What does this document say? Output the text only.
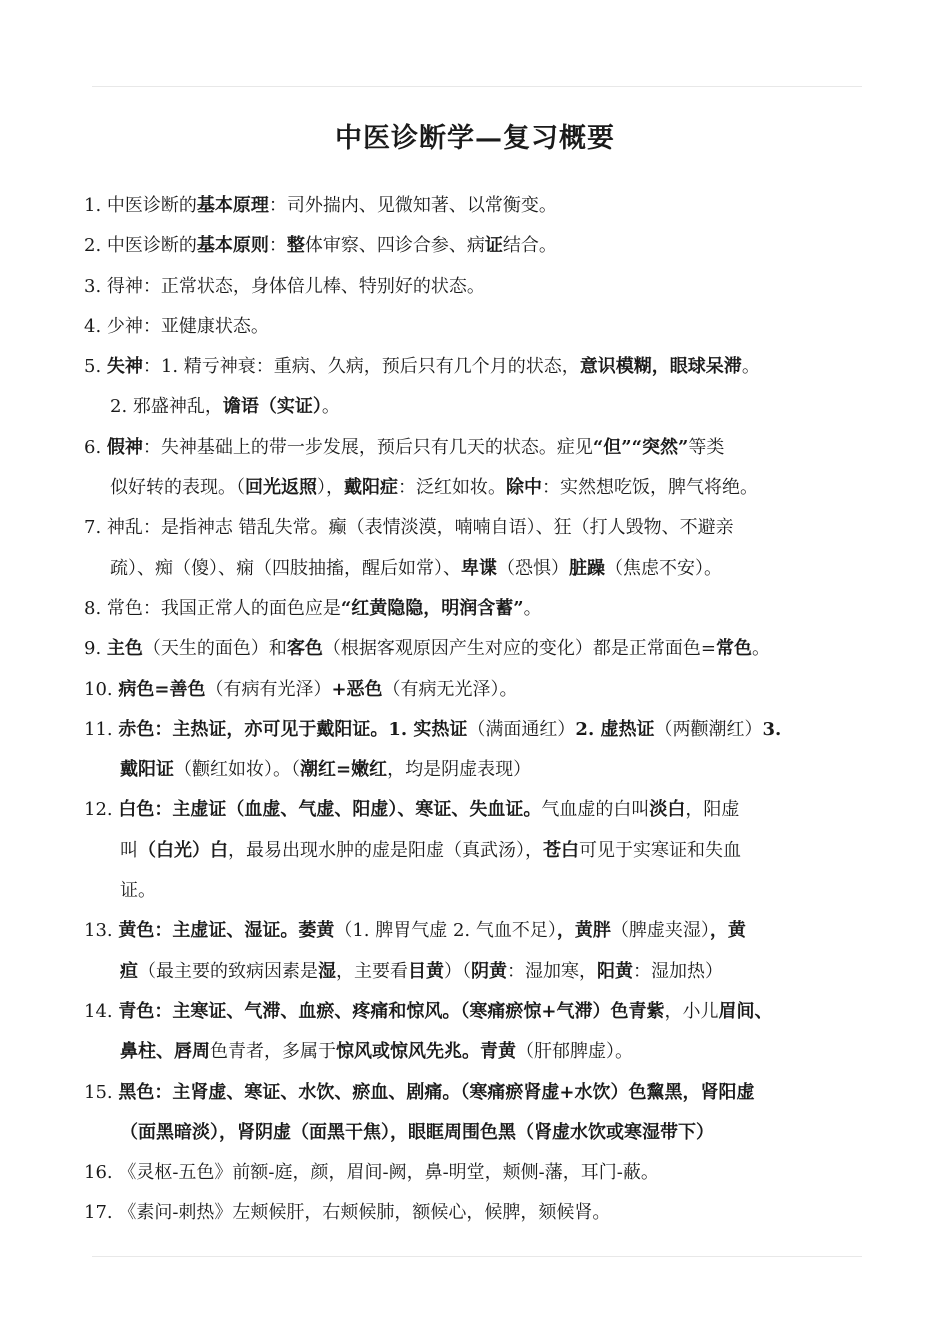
中医诊断学—复习概要
1. 中医诊断的基本原理：司外揣内、见微知著、以常衡变。
2. 中医诊断的基本原则：整体审察、四诊合参、病证结合。
3. 得神：正常状态，身体倍儿棒、特别好的状态。
4. 少神：亚健康状态。
5. 失神：1. 精亏神衰：重病、久病，预后只有几个月的状态，意识模糊，眼球呆滞。
2. 邪盛神乱，谵语（实证）。
6. 假神：失神基础上的带一步发展，预后只有几天的状态。症见“但”“突然”等类
似好转的表现。（回光返照），戴阳症：泛红如妆。除中：实然想吃饭，脾气将绝。
7. 神乱：是指神志 错乱失常。癫（表情淡漠，喃喃自语）、狂（打人毁物、不避亲
疏）、痴（傻）、痫（四肢抽搐，醒后如常）、卑谍（恐惧）脏躁（焦虑不安）。
8. 常色：我国正常人的面色应是“红黄隐隐，明润含蓄”。
9. 主色（天生的面色）和客色（根据客观原因产生对应的变化）都是正常面色=常色。
10. 病色=善色（有病有光泽）+恶色（有病无光泽）。
11. 赤色：主热证，亦可见于戴阳证。1. 实热证（满面通红）2. 虚热证（两颧潮红）3.
戴阳证（颧红如妆）。（潮红=嫩红，均是阴虚表现）
12. 白色：主虚证（血虚、气虚、阳虚）、寒证、失血证。气血虚的白叫淡白，阳虚
叫（白光）白，最易出现水肿的虚是阳虚（真武汤），苍白可见于实寒证和失血
证。
13. 黄色：主虚证、湿证。萎黄（1. 脾胃气虚 2. 气血不足），黄胖（脾虚夹湿），黄
疸（最主要的致病因素是湿，主要看目黄）（阴黄：湿加寒，阳黄：湿加热）
14. 青色：主寒证、气滞、血瘀、疼痛和惊风。（寒痛瘀惊+气滞）色青紫，小儿眉间、
鼻柱、唇周色青者，多属于惊风或惊风先兆。青黄（肝郁脾虚）。
15. 黑色：主肾虚、寒证、水饮、瘀血、剧痛。（寒痛瘀肾虚+水饮）色黧黑，肾阳虚
（面黑暗淡），肾阴虚（面黑干焦），眼眶周围色黑（肾虚水饮或寒湿带下）
16. 《灵枢-五色》前额-庭，颜，眉间-阙，鼻-明堂，颊侧-藩，耳门-蔽。
17. 《素问-刺热》左颊候肝，右颊候肺，额候心，候脾，颏候肾。
